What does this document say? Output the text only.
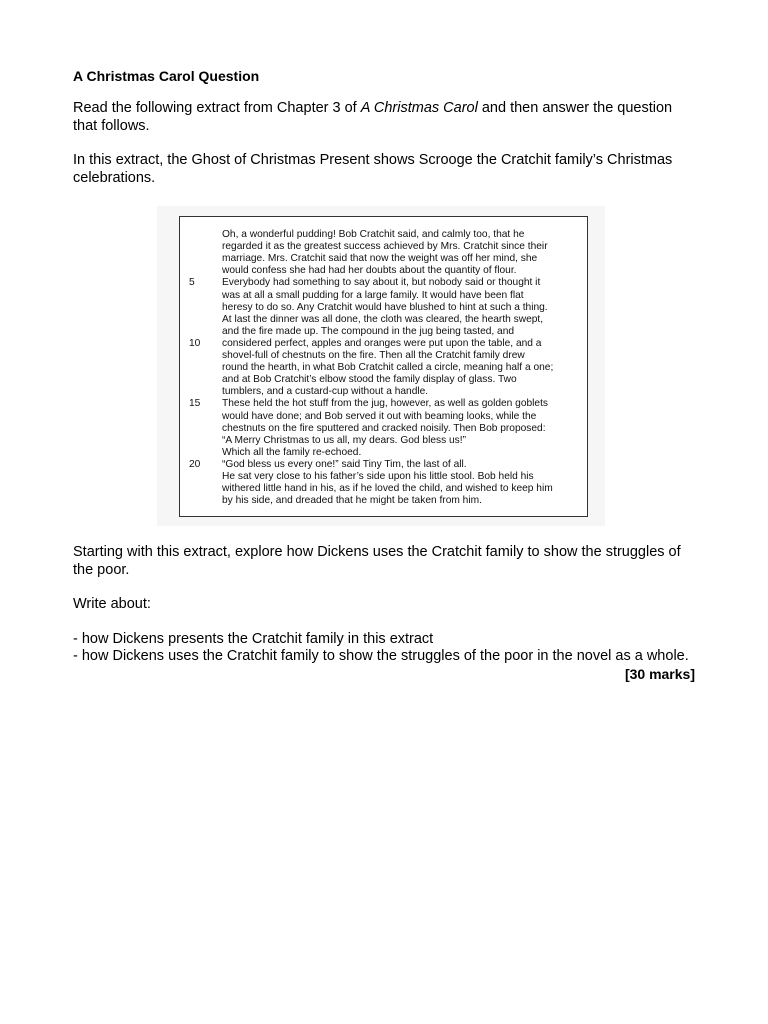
A Christmas Carol Question

Read the following extract from Chapter 3 of A Christmas Carol and then answer the question that follows.

In this extract, the Ghost of Christmas Present shows Scrooge the Cratchit family’s Christmas celebrations.

Oh, a wonderful pudding! Bob Cratchit said, and calmly too, that he
regarded it as the greatest success achieved by Mrs. Cratchit since their
marriage. Mrs. Cratchit said that now the weight was off her mind, she
would confess she had had her doubts about the quantity of flour.
Everybody had something to say about it, but nobody said or thought it
was at all a small pudding for a large family. It would have been flat
heresy to do so. Any Cratchit would have blushed to hint at such a thing.
At last the dinner was all done, the cloth was cleared, the hearth swept,
and the fire made up. The compound in the jug being tasted, and
considered perfect, apples and oranges were put upon the table, and a
shovel-full of chestnuts on the fire. Then all the Cratchit family drew
round the hearth, in what Bob Cratchit called a circle, meaning half a one;
and at Bob Cratchit’s elbow stood the family display of glass. Two
tumblers, and a custard-cup without a handle.
These held the hot stuff from the jug, however, as well as golden goblets
would have done; and Bob served it out with beaming looks, while the
chestnuts on the fire sputtered and cracked noisily. Then Bob proposed:
“A Merry Christmas to us all, my dears. God bless us!”
Which all the family re-echoed.
“God bless us every one!” said Tiny Tim, the last of all.
He sat very close to his father’s side upon his little stool. Bob held his
withered little hand in his, as if he loved the child, and wished to keep him
by his side, and dreaded that he might be taken from him.
5
10
15
20

Starting with this extract, explore how Dickens uses the Cratchit family to show the struggles of the poor.

Write about:

- how Dickens presents the Cratchit family in this extract

- how Dickens uses the Cratchit family to show the struggles of the poor in the novel as a whole.

[30 marks]
